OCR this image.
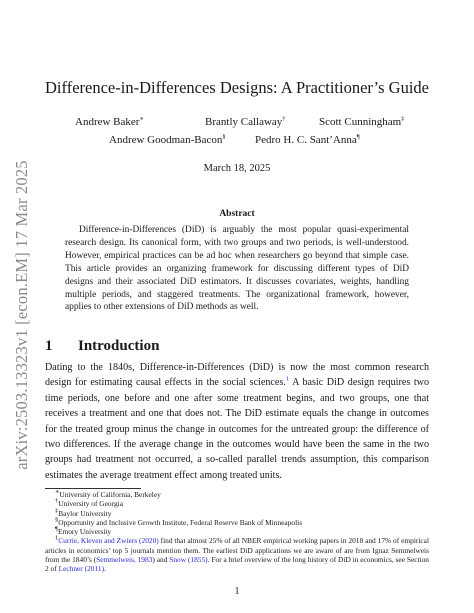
arXiv:2503.13323v1 [econ.EM] 17 Mar 2025
Difference-in-Differences Designs: A Practitioner’s Guide
Andrew Baker∗	Brantly Callaway†	Scott Cunningham‡
Andrew Goodman-Bacon§	Pedro H. C. Sant’Anna¶
March 18, 2025
Abstract

Difference-in-Differences (DiD) is arguably the most popular quasi-experimental research design. Its canonical form, with two groups and two periods, is well-understood. However, empirical practices can be ad hoc when researchers go beyond that simple case. This article provides an organizing framework for discussing different types of DiD designs and their associated DiD estimators. It discusses covariates, weights, handling multiple periods, and staggered treatments. The organizational framework, however, applies to other extensions of DiD methods as well.

1 Introduction

Dating to the 1840s, Difference-in-Differences (DiD) is now the most common research design for estimating causal effects in the social sciences.$^1$ A basic DiD design requires two time periods, one before and one after some treatment begins, and two groups, one that receives a treatment and one that does not. The DiD estimate equals the change in outcomes for the treated group minus the change in outcomes for the untreated group: the difference of two differences. If the average change in the outcomes would have been the same in the two groups had treatment not occurred, a so-called parallel trends assumption, this comparison estimates the average treatment effect among treated units.

∗University of California, Berkeley

†University of Georgia

‡Baylor University

§Opportunity and Inclusive Growth Institute, Federal Reserve Bank of Minneapolis

¶Emory University

$^1$Currie, Kleven and Zwiers (2020) find that almost 25% of all NBER empirical working papers in 2018 and 17% of empirical articles in economics’ top 5 journals mention them. The earliest DiD applications we are aware of are from Ignaz Semmelweis from the 1840’s (Semmelweis, 1983) and Snow (1855). For a brief overview of the long history of DiD in economics, see Section 2 of Lechner (2011).

1
